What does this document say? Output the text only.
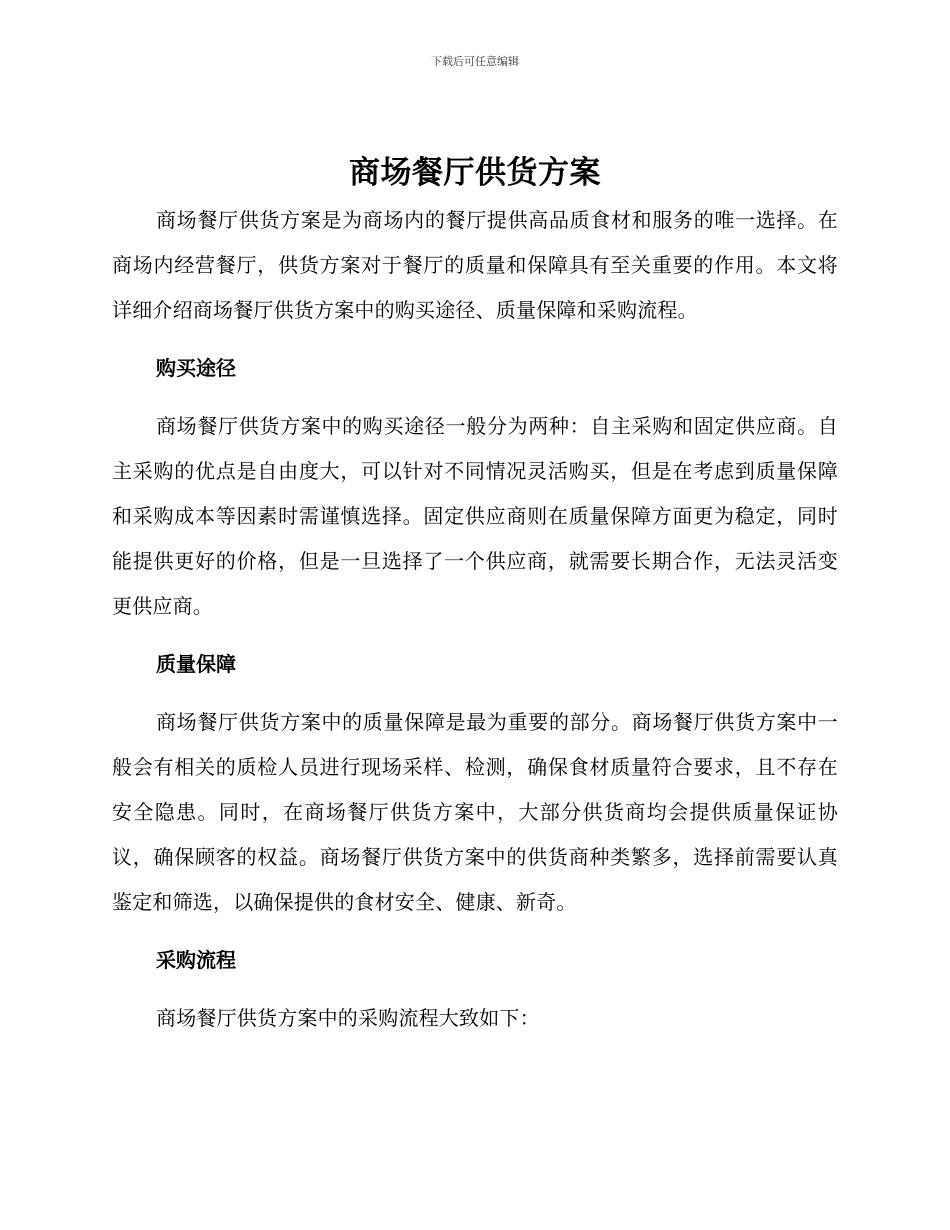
下载后可任意编辑
商场餐厅供货方案

商场餐厅供货方案是为商场内的餐厅提供高品质食材和服务的唯一选择。在商场内经营餐厅，供货方案对于餐厅的质量和保障具有至关重要的作用。本文将详细介绍商场餐厅供货方案中的购买途径、质量保障和采购流程。

购买途径

商场餐厅供货方案中的购买途径一般分为两种：自主采购和固定供应商。自主采购的优点是自由度大，可以针对不同情况灵活购买，但是在考虑到质量保障和采购成本等因素时需谨慎选择。固定供应商则在质量保障方面更为稳定，同时能提供更好的价格，但是一旦选择了一个供应商，就需要长期合作，无法灵活变更供应商。

质量保障

商场餐厅供货方案中的质量保障是最为重要的部分。商场餐厅供货方案中一般会有相关的质检人员进行现场采样、检测，确保食材质量符合要求，且不存在安全隐患。同时，在商场餐厅供货方案中，大部分供货商均会提供质量保证协议，确保顾客的权益。商场餐厅供货方案中的供货商种类繁多，选择前需要认真鉴定和筛选，以确保提供的食材安全、健康、新奇。

采购流程

商场餐厅供货方案中的采购流程大致如下：
